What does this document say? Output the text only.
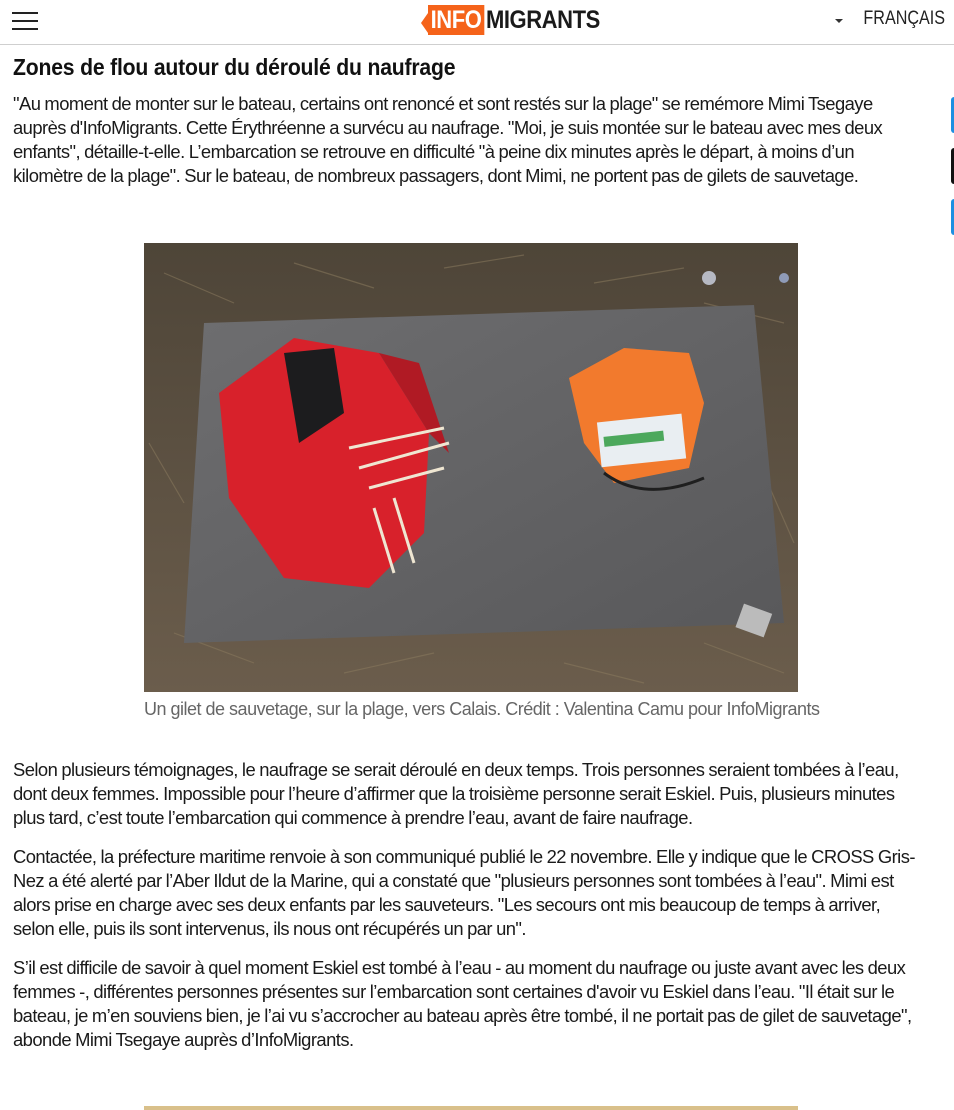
INFO MIGRANTS	FRANÇAIS
Zones de flou autour du déroulé du naufrage

"Au moment de monter sur le bateau, certains ont renoncé et sont restés sur la plage" se remémore Mimi Tsegaye auprès d'InfoMigrants. Cette Érythréenne a survécu au naufrage. "Moi, je suis montée sur le bateau avec mes deux enfants", détaille-t-elle. L’embarcation se retrouve en difficulté "à peine dix minutes après le départ, à moins d’un kilomètre de la plage". Sur le bateau, de nombreux passagers, dont Mimi, ne portent pas de gilets de sauvetage.

Un gilet de sauvetage, sur la plage, vers Calais. Crédit : Valentina Camu pour InfoMigrants

Selon plusieurs témoignages, le naufrage se serait déroulé en deux temps. Trois personnes seraient tombées à l’eau, dont deux femmes. Impossible pour l’heure d’affirmer que la troisième personne serait Eskiel. Puis, plusieurs minutes plus tard, c’est toute l’embarcation qui commence à prendre l’eau, avant de faire naufrage.

Contactée, la préfecture maritime renvoie à son communiqué publié le 22 novembre. Elle y indique que le CROSS Gris-Nez a été alerté par l’Aber Ildut de la Marine, qui a constaté que "plusieurs personnes sont tombées à l’eau". Mimi est alors prise en charge avec ses deux enfants par les sauveteurs. "Les secours ont mis beaucoup de temps à arriver, selon elle, puis ils sont intervenus, ils nous ont récupérés un par un".

S’il est difficile de savoir à quel moment Eskiel est tombé à l’eau - au moment du naufrage ou juste avant avec les deux femmes -, différentes personnes présentes sur l’embarcation sont certaines d'avoir vu Eskiel dans l’eau. "Il était sur le bateau, je m’en souviens bien, je l’ai vu s’accrocher au bateau après être tombé, il ne portait pas de gilet de sauvetage", abonde Mimi Tsegaye auprès d’InfoMigrants.
